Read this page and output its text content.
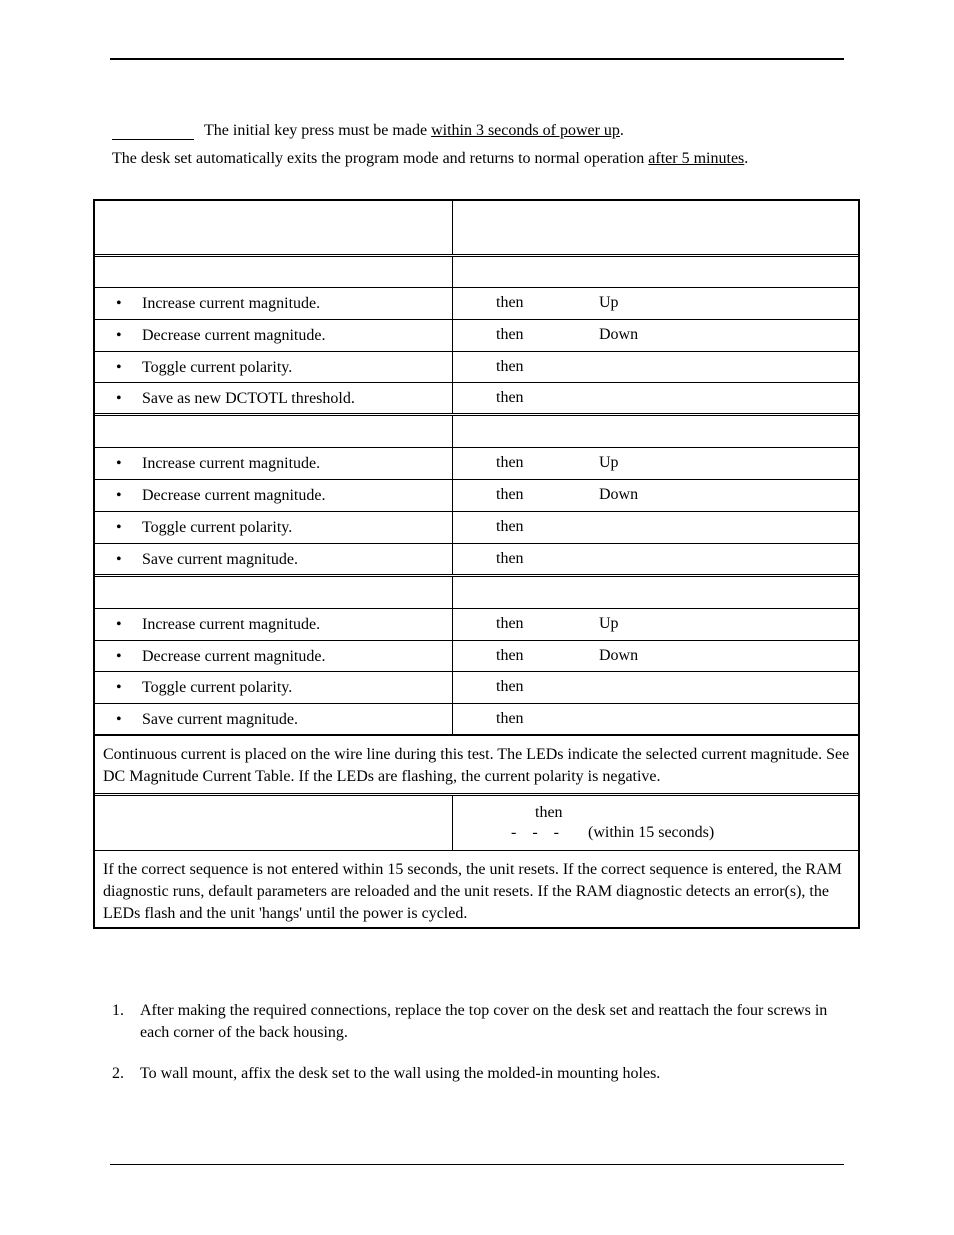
The initial key press must be made within 3 seconds of power up.
The desk set automatically exits the program mode and returns to normal operation after 5 minutes.
• Increase current magnitude.	then	Up
• Decrease current magnitude.	then	Down
• Toggle current polarity.	then
• Save as new DCTOTL threshold.	then
• Increase current magnitude.	then	Up
• Decrease current magnitude.	then	Down
• Toggle current polarity.	then
• Save current magnitude.	then
• Increase current magnitude.	then	Up
• Decrease current magnitude.	then	Down
• Toggle current polarity.	then
• Save current magnitude.	then
Continuous current is placed on the wire line during this test. The LEDs indicate the selected current magnitude. See DC Magnitude Current Table. If the LEDs are flashing, the current polarity is negative.
then
-    -    - (within 15 seconds)
If the correct sequence is not entered within 15 seconds, the unit resets. If the correct sequence is entered, the RAM diagnostic runs, default parameters are reloaded and the unit resets. If the RAM diagnostic detects an error(s), the LEDs flash and the unit 'hangs' until the power is cycled.
1. After making the required connections, replace the top cover on the desk set and reattach the four screws in each corner of the back housing.
2. To wall mount, affix the desk set to the wall using the molded-in mounting holes.
